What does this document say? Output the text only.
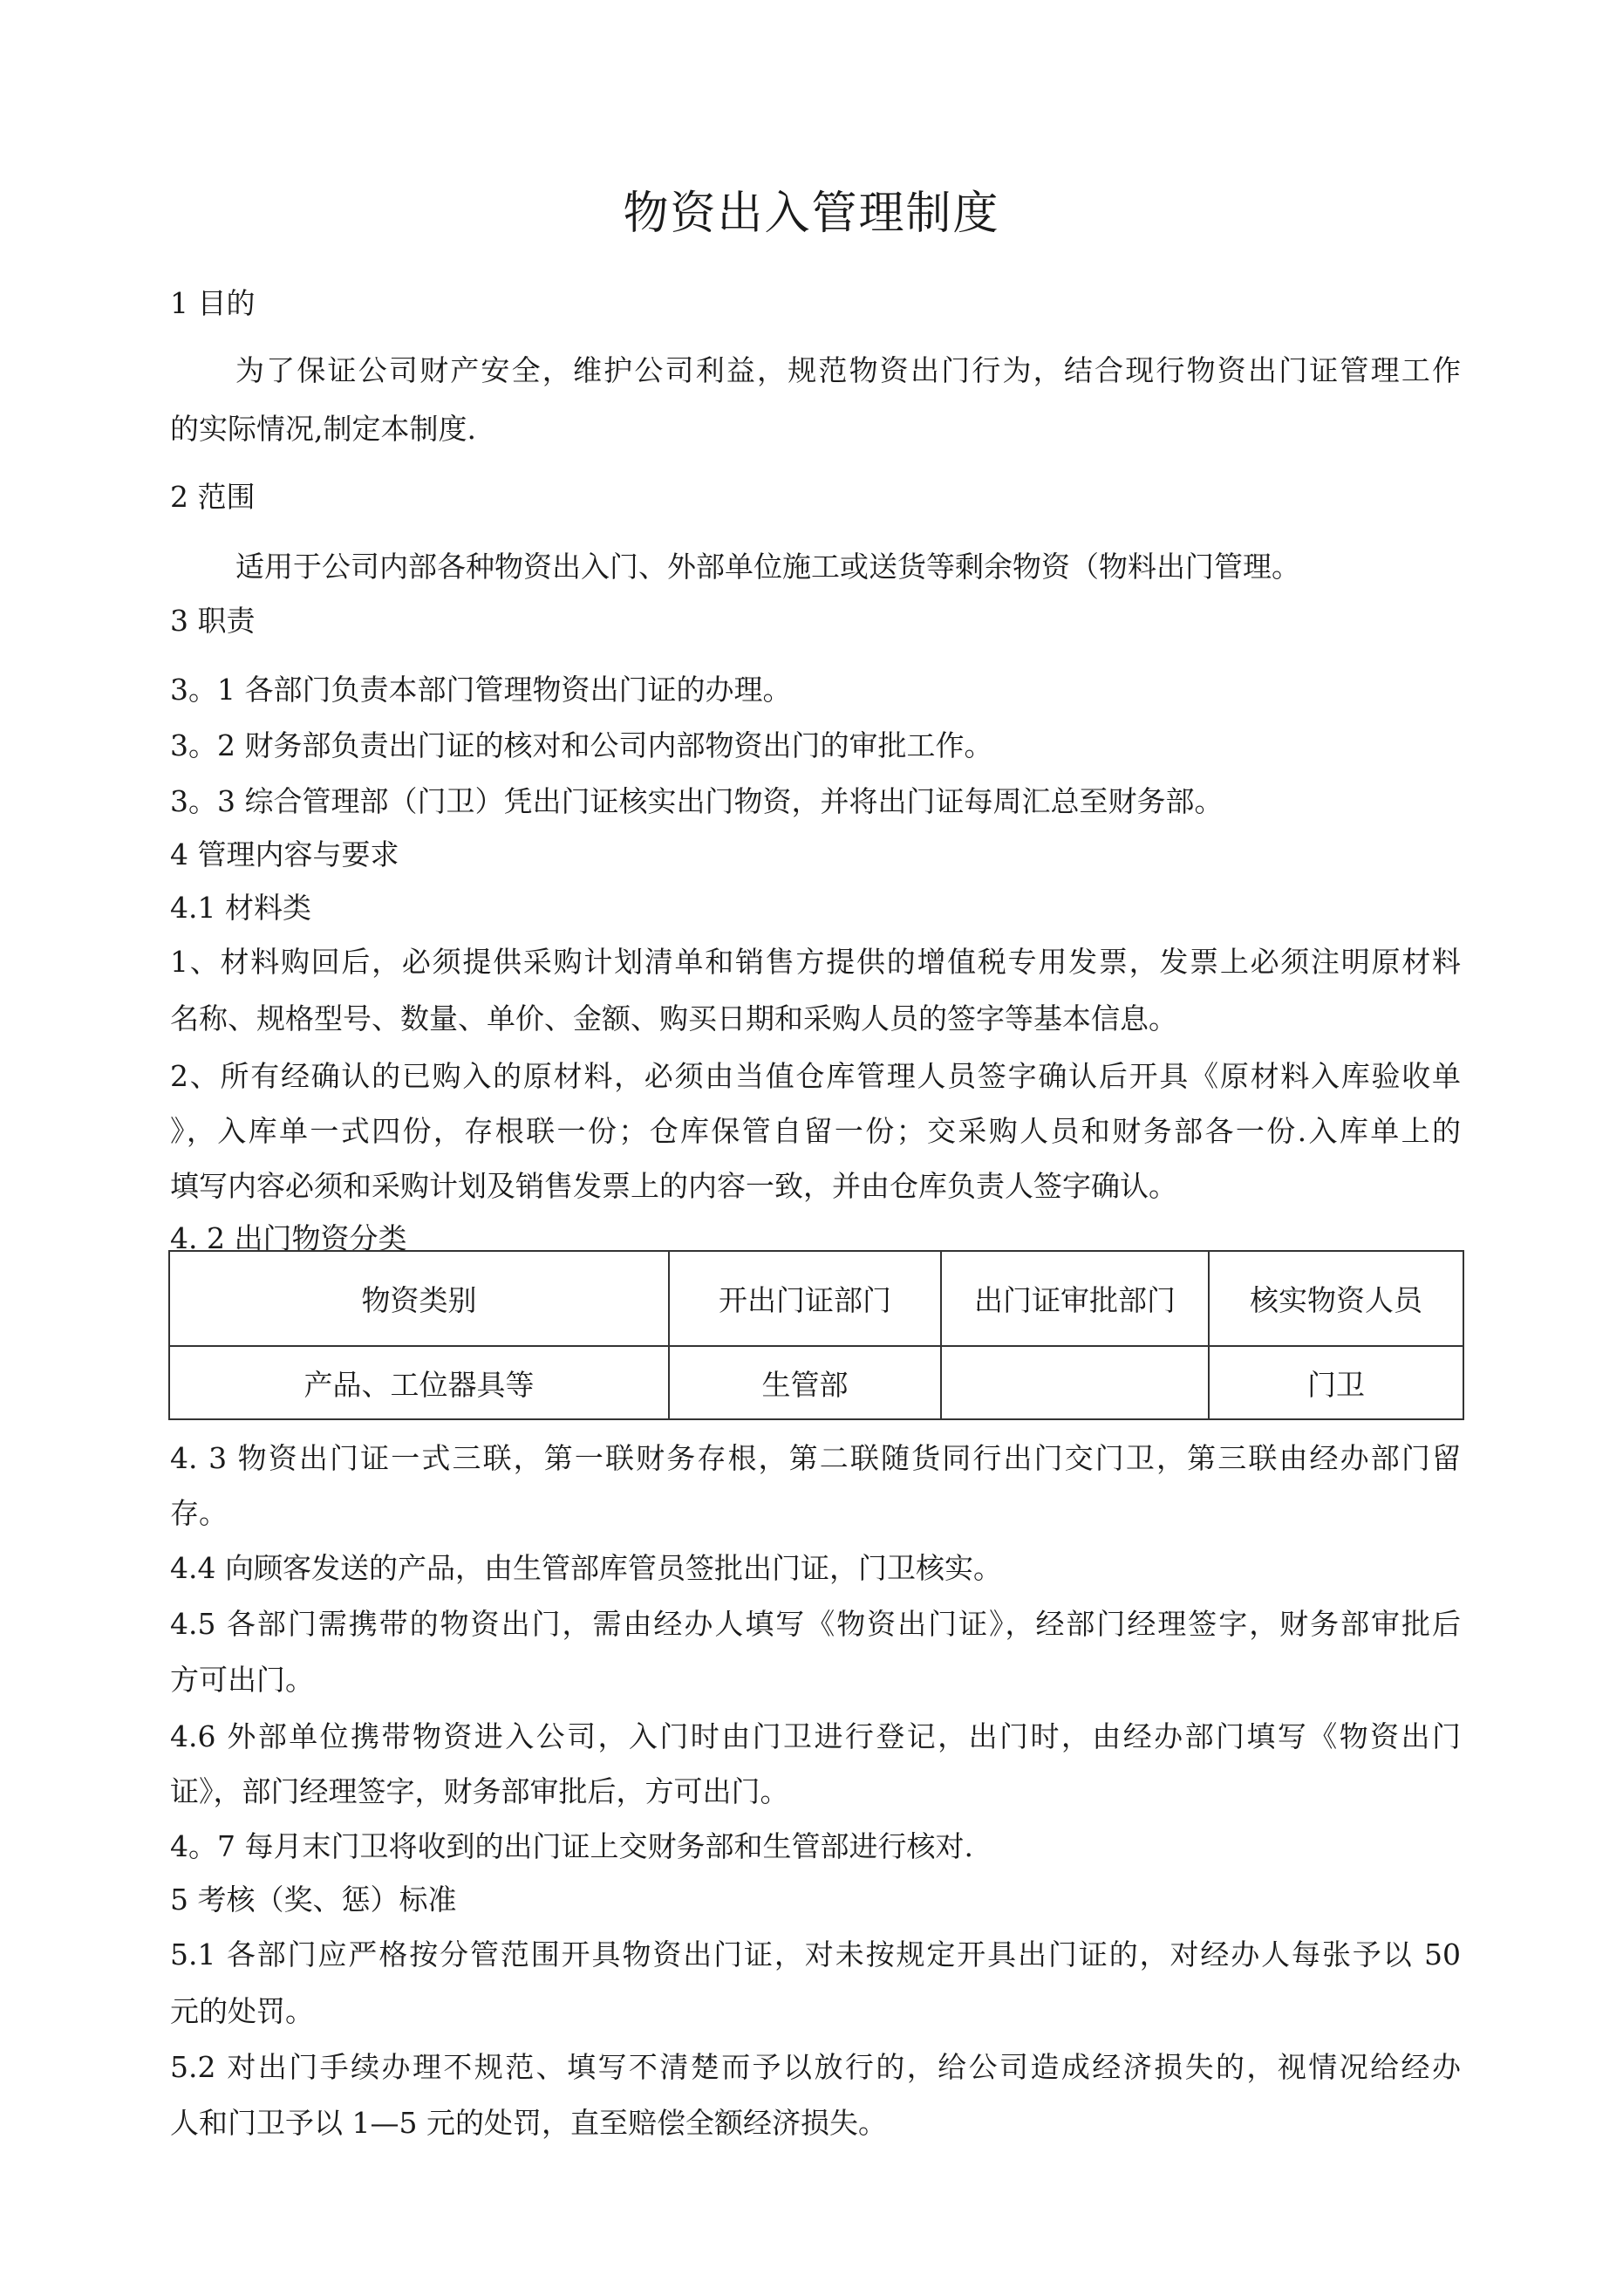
物资出入管理制度
1 目的
为了保证公司财产安全，维护公司利益，规范物资出门行为，结合现行物资出门证管理工作
的实际情况,制定本制度.
2 范围
适用于公司内部各种物资出入门、外部单位施工或送货等剩余物资（物料出门管理。
3 职责
3。1 各部门负责本部门管理物资出门证的办理。
3。2 财务部负责出门证的核对和公司内部物资出门的审批工作。
3。3 综合管理部（门卫）凭出门证核实出门物资，并将出门证每周汇总至财务部。
4 管理内容与要求
4.1 材料类
1、材料购回后，必须提供采购计划清单和销售方提供的增值税专用发票，发票上必须注明原材料
名称、规格型号、数量、单价、金额、购买日期和采购人员的签字等基本信息。
2、所有经确认的已购入的原材料，必须由当值仓库管理人员签字确认后开具《原材料入库验收单
》，入库单一式四份，存根联一份；仓库保管自留一份；交采购人员和财务部各一份.入库单上的
填写内容必须和采购计划及销售发票上的内容一致，并由仓库负责人签字确认。
4. 2 出门物资分类
物资类别	开出门证部门	出门证审批部门	核实物资人员
产品、工位器具等	生管部		门卫
4. 3 物资出门证一式三联，第一联财务存根，第二联随货同行出门交门卫，第三联由经办部门留
存。
4.4 向顾客发送的产品，由生管部库管员签批出门证，门卫核实。
4.5 各部门需携带的物资出门，需由经办人填写《物资出门证》，经部门经理签字，财务部审批后
方可出门。
4.6 外部单位携带物资进入公司，入门时由门卫进行登记，出门时，由经办部门填写《物资出门
证》，部门经理签字，财务部审批后，方可出门。
4。7 每月末门卫将收到的出门证上交财务部和生管部进行核对.
5 考核（奖、惩）标准
5.1 各部门应严格按分管范围开具物资出门证，对未按规定开具出门证的，对经办人每张予以 50
元的处罚。
5.2 对出门手续办理不规范、填写不清楚而予以放行的，给公司造成经济损失的，视情况给经办
人和门卫予以 1—5 元的处罚，直至赔偿全额经济损失。
